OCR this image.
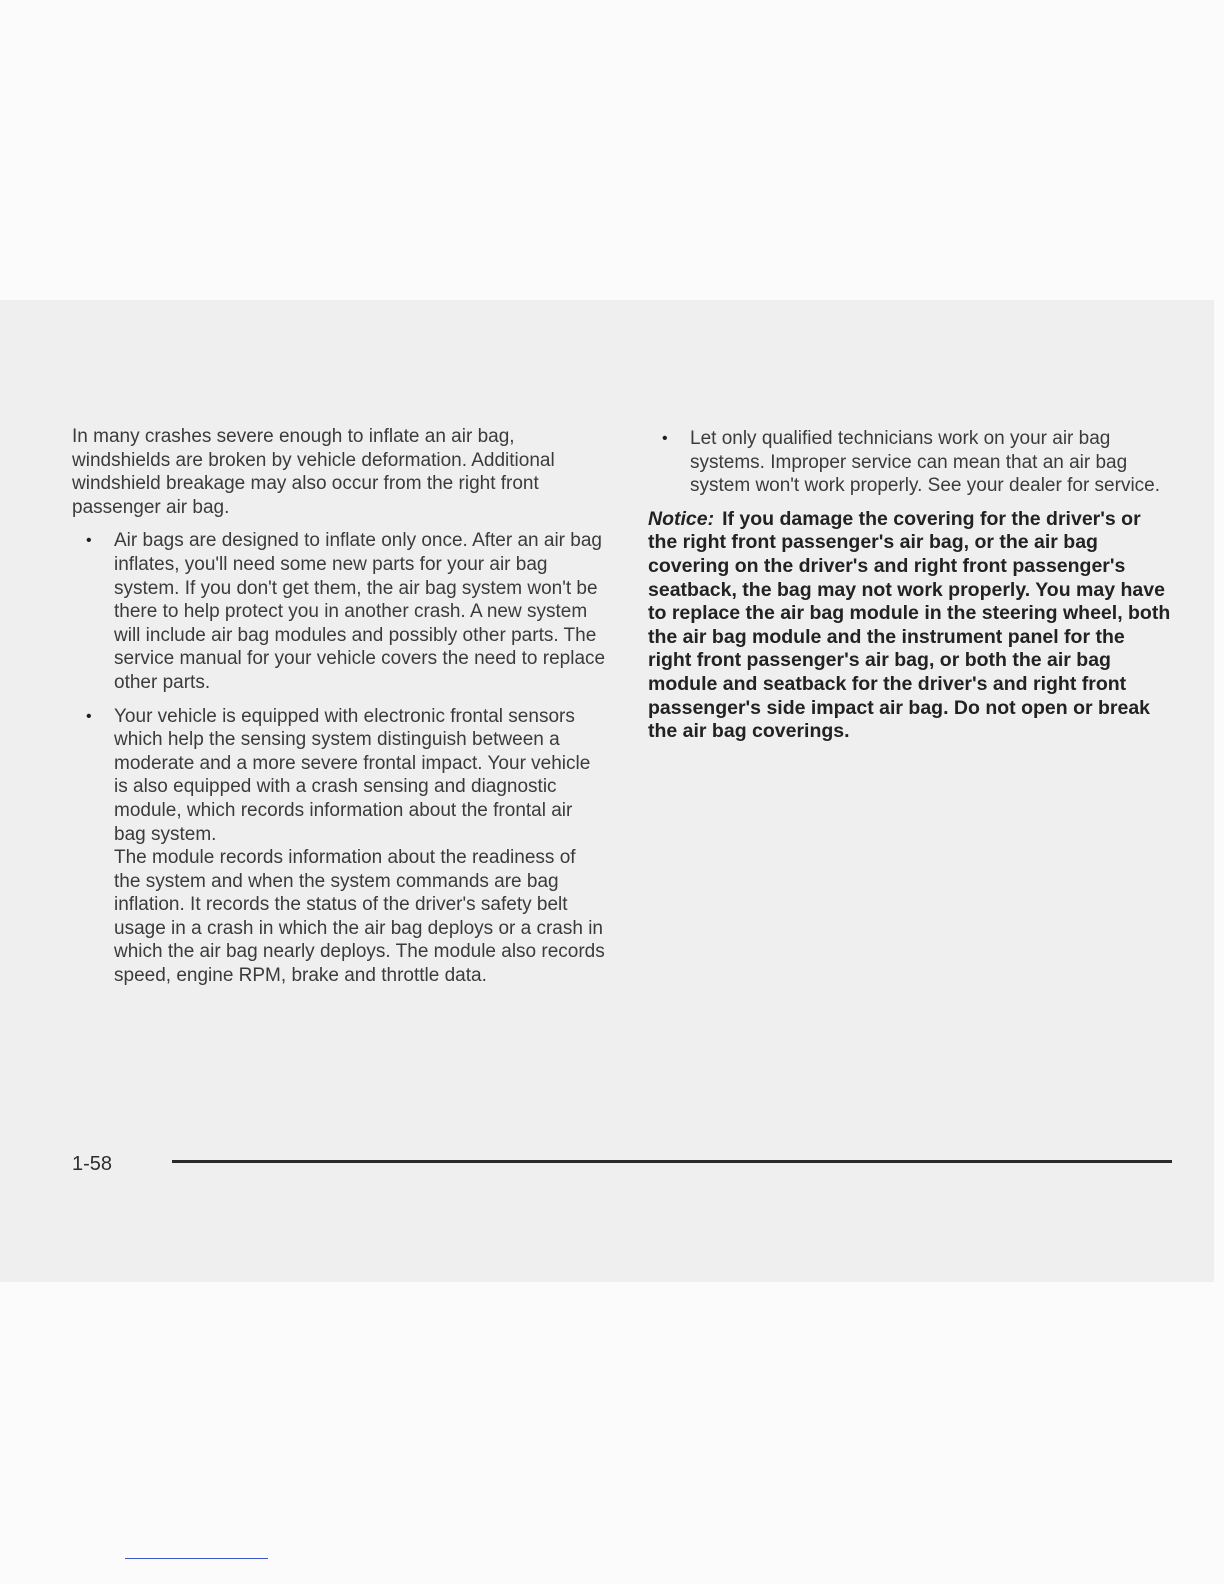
In many crashes severe enough to inflate an air bag, windshields are broken by vehicle deformation. Additional windshield breakage may also occur from the right front passenger air bag.

• Air bags are designed to inflate only once. After an air bag inflates, you'll need some new parts for your air bag system. If you don't get them, the air bag system won't be there to help protect you in another crash. A new system will include air bag modules and possibly other parts. The service manual for your vehicle covers the need to replace other parts.
• Your vehicle is equipped with electronic frontal sensors which help the sensing system distinguish between a moderate and a more severe frontal impact. Your vehicle is also equipped with a crash sensing and diagnostic module, which records information about the frontal air bag system.
The module records information about the readiness of the system and when the system commands are bag inflation. It records the status of the driver's safety belt usage in a crash in which the air bag deploys or a crash in which the air bag nearly deploys. The module also records speed, engine RPM, brake and throttle data.
• Let only qualified technicians work on your air bag systems. Improper service can mean that an air bag system won't work properly. See your dealer for service.

Notice: If you damage the covering for the driver's or the right front passenger's air bag, or the air bag covering on the driver's and right front passenger's seatback, the bag may not work properly. You may have to replace the air bag module in the steering wheel, both the air bag module and the instrument panel for the right front passenger's air bag, or both the air bag module and seatback for the driver's and right front passenger's side impact air bag. Do not open or break the air bag coverings.

1-58
